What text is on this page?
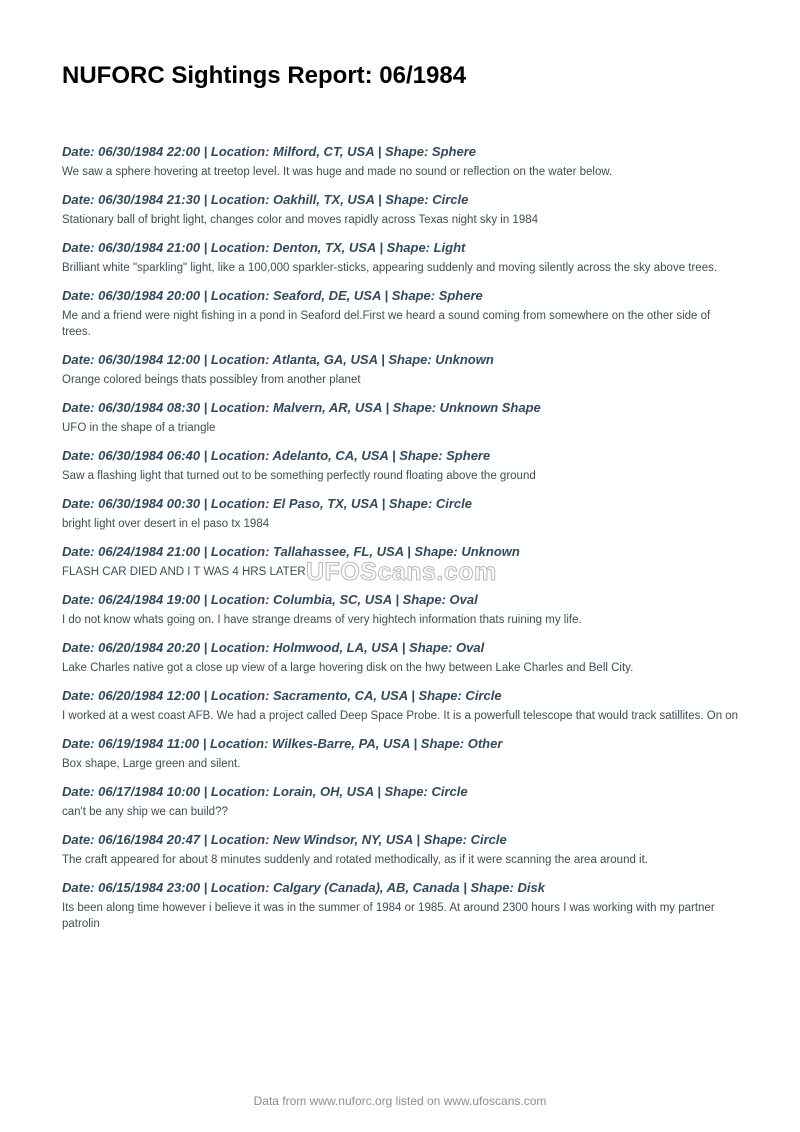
NUFORC Sightings Report: 06/1984
Date: 06/30/1984 22:00 | Location: Milford, CT, USA | Shape: Sphere
We saw a sphere hovering at treetop level. It was huge and made no sound or reflection on the water below.
Date: 06/30/1984 21:30 | Location: Oakhill, TX, USA | Shape: Circle
Stationary ball of bright light, changes color and moves rapidly across Texas night sky in 1984
Date: 06/30/1984 21:00 | Location: Denton, TX, USA | Shape: Light
Brilliant white "sparkling" light, like a 100,000 sparkler-sticks, appearing suddenly and moving silently across the sky above trees.
Date: 06/30/1984 20:00 | Location: Seaford, DE, USA | Shape: Sphere
Me and a friend were night fishing in a pond in Seaford del.First we heard a sound coming from somewhere on the other side of trees.
Date: 06/30/1984 12:00 | Location: Atlanta, GA, USA | Shape: Unknown
Orange colored beings thats possibley from another planet
Date: 06/30/1984 08:30 | Location: Malvern, AR, USA | Shape: Unknown Shape
UFO in the shape of a triangle
Date: 06/30/1984 06:40 | Location: Adelanto, CA, USA | Shape: Sphere
Saw a flashing light that turned out to be something perfectly round floating above the ground
Date: 06/30/1984 00:30 | Location: El Paso, TX, USA | Shape: Circle
bright light over desert in el paso tx 1984
Date: 06/24/1984 21:00 | Location: Tallahassee, FL, USA | Shape: Unknown
FLASH CAR DIED AND I T WAS 4 HRS LATER
Date: 06/24/1984 19:00 | Location: Columbia, SC, USA | Shape: Oval
I do not know whats going on. I have strange dreams of very hightech information thats ruining my life.
Date: 06/20/1984 20:20 | Location: Holmwood, LA, USA | Shape: Oval
Lake Charles native got a close up view of a large hovering disk on the hwy between Lake Charles and Bell City.
Date: 06/20/1984 12:00 | Location: Sacramento, CA, USA | Shape: Circle
I worked at a west coast AFB. We had a project called Deep Space Probe. It is a powerfull telescope that would track satillites. On on
Date: 06/19/1984 11:00 | Location: Wilkes-Barre, PA, USA | Shape: Other
Box shape, Large green and silent.
Date: 06/17/1984 10:00 | Location: Lorain, OH, USA | Shape: Circle
can't be any ship we can build??
Date: 06/16/1984 20:47 | Location: New Windsor, NY, USA | Shape: Circle
The craft appeared for about 8 minutes suddenly and rotated methodically, as if it were scanning the area around it.
Date: 06/15/1984 23:00 | Location: Calgary (Canada), AB, Canada | Shape: Disk
Its been along time however i believe it was in the summer of 1984 or 1985. At around 2300 hours I was working with my partner patrolin
UFOScans.com
Data from www.nuforc.org listed on www.ufoscans.com
